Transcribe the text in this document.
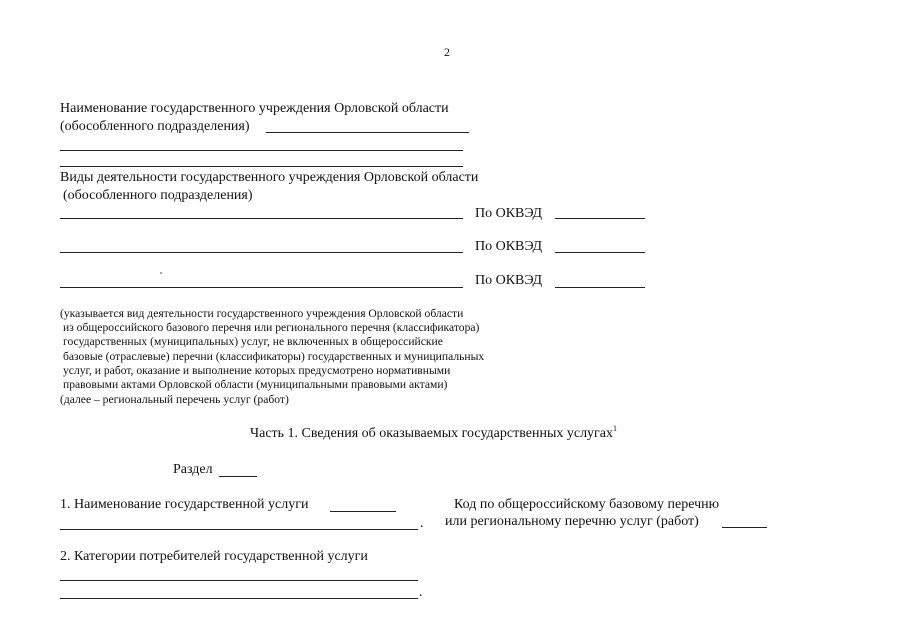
2
Наименование государственного учреждения Орловской области
(обособленного подразделения)
Виды деятельности государственного учреждения Орловской области
(обособленного подразделения)
По ОКВЭД
По ОКВЭД
По ОКВЭД
(указывается вид деятельности государственного учреждения Орловской области
из общероссийского базового перечня или регионального перечня (классификатора)
государственных (муниципальных) услуг, не включенных в общероссийские
базовые (отраслевые) перечни (классификаторы) государственных и муниципальных
услуг, и работ, оказание и выполнение которых предусмотрено нормативными
правовыми актами Орловской области (муниципальными правовыми актами)
(далее – региональный перечень услуг (работ)
Часть 1. Сведения об оказываемых государственных услугах$^1$
Раздел
1. Наименование государственной услуги
.
Код по общероссийскому базовому перечню
или региональному перечню услуг (работ)
2. Категории потребителей государственной услуги
.
